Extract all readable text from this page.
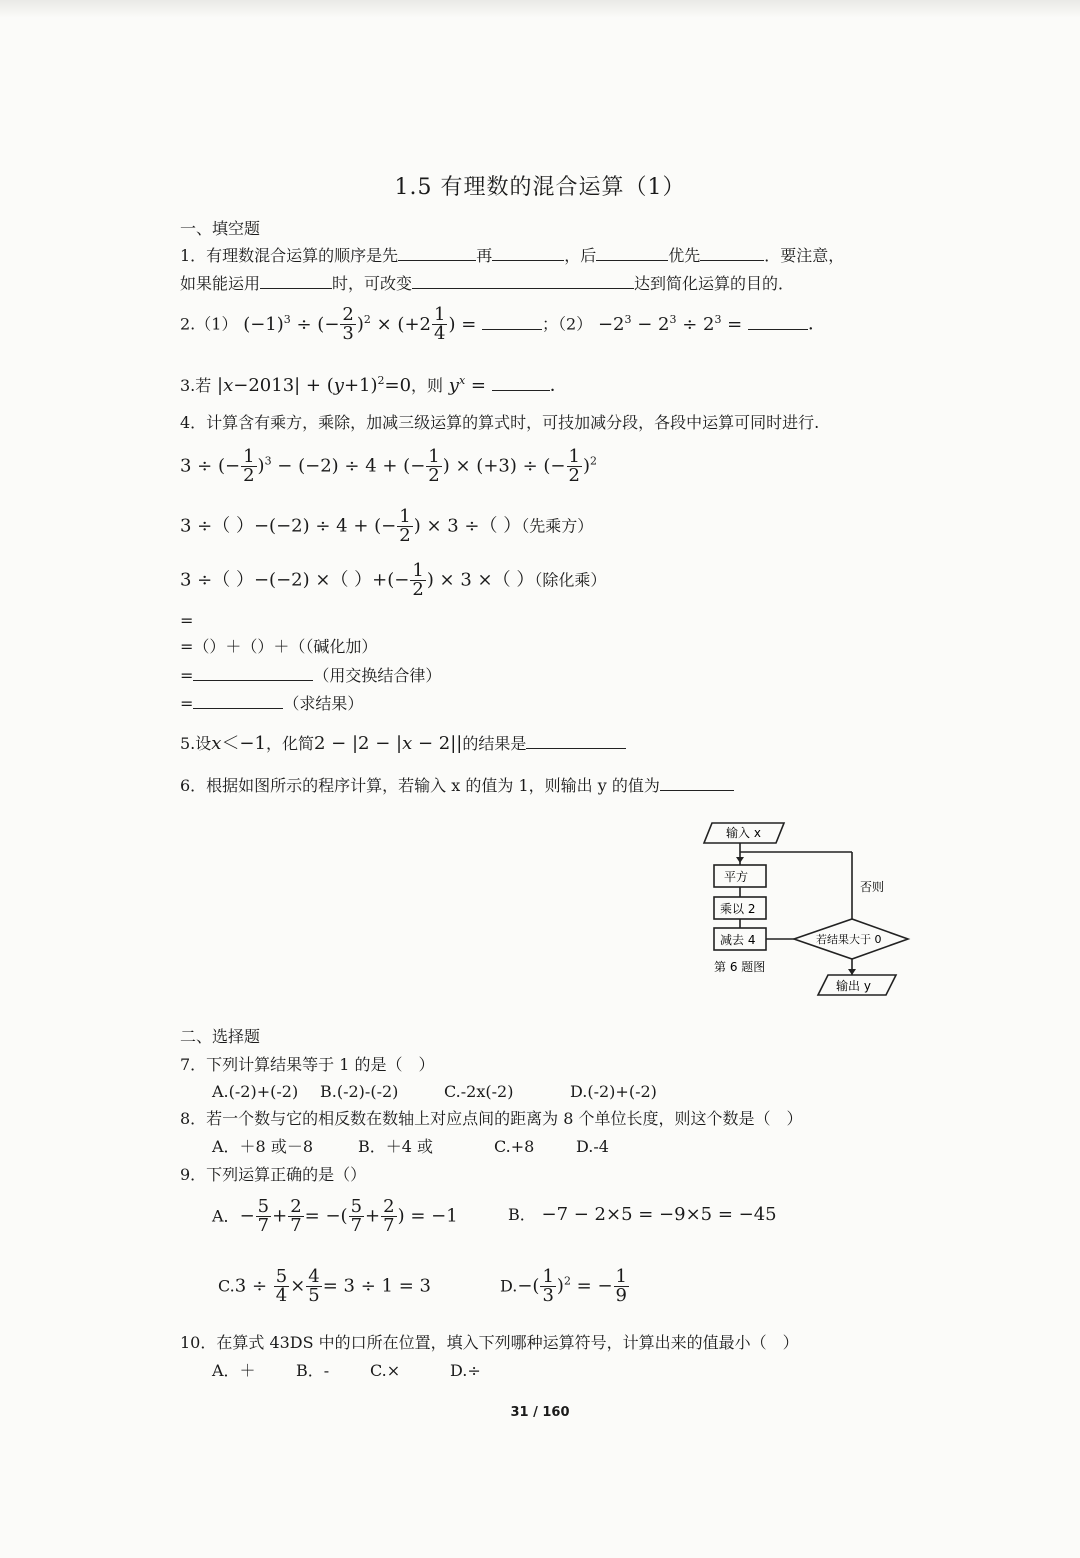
1.5 有理数的混合运算（1）
一、填空题
1．有理数混合运算的顺序是先	再	，后	优先	．要注意，
如果能运用	时，可改变	达到简化运算的目的．
2.（1） $(-1)^3$ ÷ (− $\frac{2}{3} )^2 \times (+2 \frac{1}{4}$ ) =	；$(2) -2^3 - 2^3 \div 2^3$ =	．
3.若 $|x-2013| + (y+1)^2=0$，则 $y^x$ =	．
4．计算含有乘方，乘除，加减三级运算的算式时，可技加减分段，各段中运算可同时进行.
3 ÷ (− $\frac{1}{2} )^3 - (-2) \div 4$ + (− $\frac{1}{2}$ ) × (+3) ÷ (− $\frac{1}{2} )^2$
3 ÷（ ）−(−2) ÷ 4 + (− $\frac{1}{2}$ ) × 3 ÷（ ）（先乘方）
3 ÷（ ）−(−2) ×（ ）+(− $\frac{1}{2}$ ) × 3 ×（ ）（除化乘）
=
=（）＋（）＋（（碱化加）
=	（用交换结合律）
=	（求结果）
5.设x＜−1，化简2 − |2 − |x − 2||的结果是
6．根据如图所示的程序计算，若输入 x 的值为 1，则输出 y 的值为
输入 x
平方
乘以 2
减去 4	若结果大于 0
否则
输出 y
第 6 题图
二、选择题
7．下列计算结果等于 1 的是（　）
A.(-2)+(-2) B.(-2)-(-2)	C.-2x(-2)	D.(-2)+(-2)
8．若一个数与它的相反数在数轴上对应点间的距离为 8 个单位长度，则这个数是（　）
A．＋8 或－8	B．＋4 或	C.+8	D.-4
9．下列运算正确的是（）
A．− $\frac{5}{7} + \frac{2}{7}$ = −( $\frac{5}{7} + \frac{2}{7}$ ) = −1	B． −7 − 2×5 = −9×5 = −45
$C.3 \div \frac{5}{4} \times \frac{4}{5} = 3 \div 1 = 3$	$D.-( \frac{1}{3} )^2$ = − $\frac{1}{9}$
10．在算式 43DS 中的口所在位置，填入下列哪种运算符号，计算出来的值最小（　）
A．＋	B．-	C.×	D.÷
31 / 160
